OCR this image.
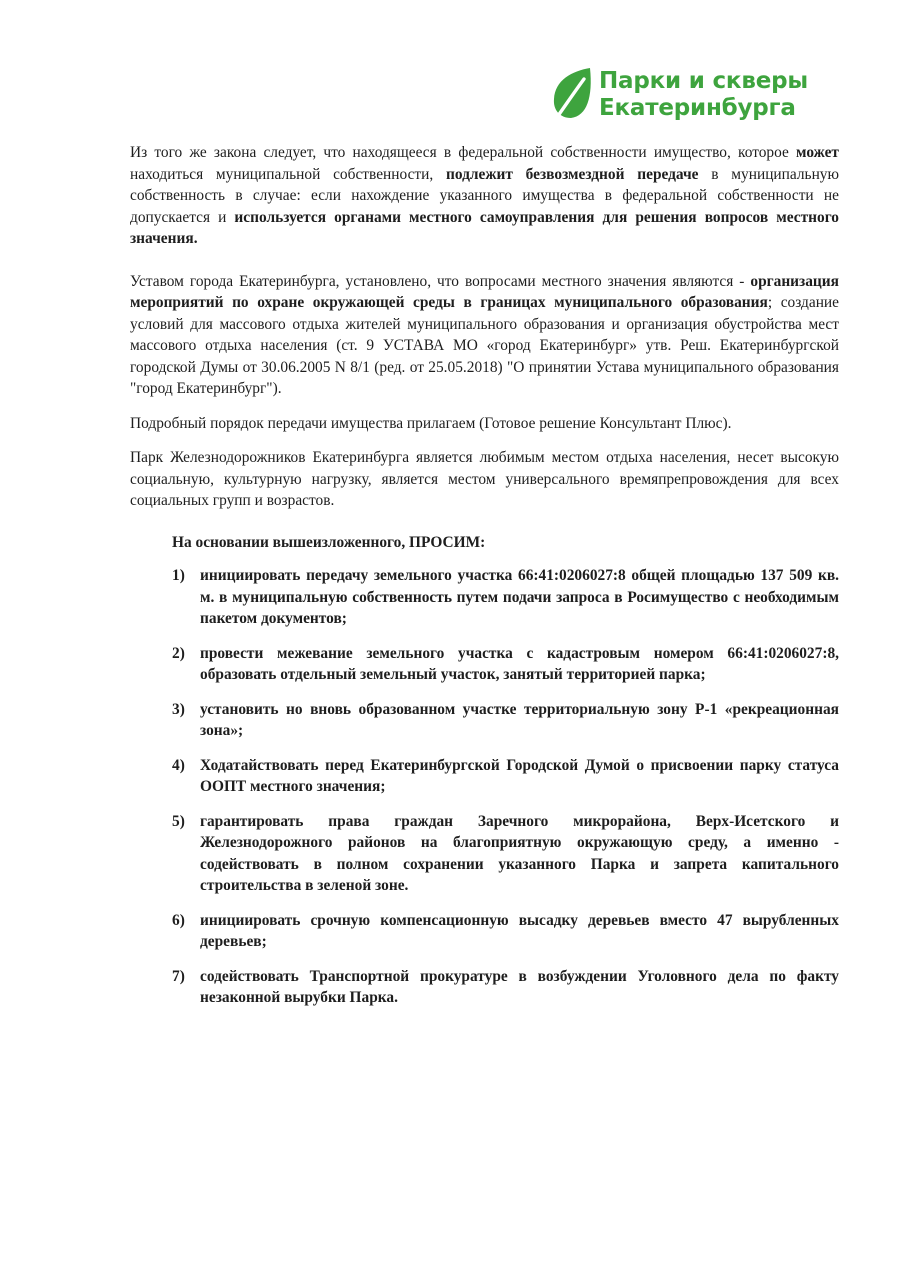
Парки и скверы
Екатеринбурга

Из того же закона следует, что находящееся в федеральной собственности имущество, которое может находиться муниципальной собственности, подлежит безвозмездной передаче в муниципальную собственность в случае: если нахождение указанного имущества в федеральной собственности не допускается и используется органами местного самоуправления для решения вопросов местного значения.

Уставом города Екатеринбурга, установлено, что вопросами местного значения являются - организация мероприятий по охране окружающей среды в границах муниципального образования; создание условий для массового отдыха жителей муниципального образования и организация обустройства мест массового отдыха населения (ст. 9 УСТАВА МО «город Екатеринбург» утв. Реш. Екатеринбургской городской Думы от 30.06.2005 N 8/1 (ред. от 25.05.2018) "О принятии Устава муниципального образования "город Екатеринбург").

Подробный порядок передачи имущества прилагаем (Готовое решение Консультант Плюс).

Парк Железнодорожников Екатеринбурга является любимым местом отдыха населения, несет высокую социальную, культурную нагрузку, является местом универсального времяпрепровождения для всех социальных групп и возрастов.

На основании вышеизложенного, ПРОСИМ:
1) инициировать передачу земельного участка 66:41:0206027:8 общей площадью 137 509 кв. м. в муниципальную собственность путем подачи запроса в Росимущество с необходимым пакетом документов;
2) провести межевание земельного участка с кадастровым номером 66:41:0206027:8, образовать отдельный земельный участок, занятый территорией парка;
3) установить но вновь образованном участке территориальную зону Р-1 «рекреационная зона»;
4) Ходатайствовать перед Екатеринбургской Городской Думой о присвоении парку статуса ООПТ местного значения;
5) гарантировать права граждан Заречного микрорайона, Верх-Исетского и Железнодорожного районов на благоприятную окружающую среду, а именно - содействовать в полном сохранении указанного Парка и запрета капитального строительства в зеленой зоне.
6) инициировать срочную компенсационную высадку деревьев вместо 47 вырубленных деревьев;
7) содействовать Транспортной прокуратуре в возбуждении Уголовного дела по факту незаконной вырубки Парка.
